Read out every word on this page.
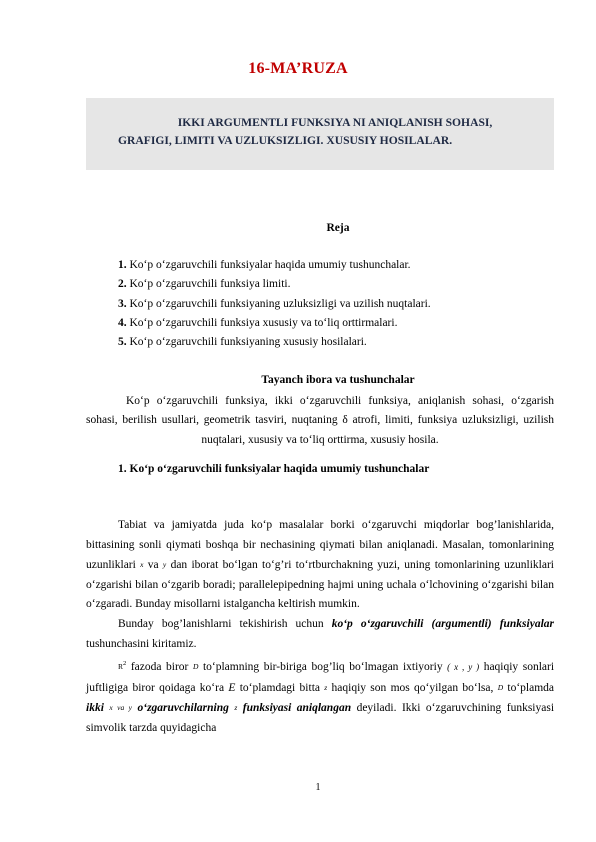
16-MA’RUZA
IKKI ARGUMENTLI FUNKSIYA NI ANIQLANISH SOHASI,
GRAFIGI, LIMITI VA UZLUKSIZLIGI. XUSUSIY HOSILALAR.
Reja
1. Ko‘p o‘zgaruvchili funksiyalar haqida umumiy tushunchalar.
2. Ko‘p o‘zgaruvchili funksiya limiti.
3. Ko‘p o‘zgaruvchili funksiyaning uzluksizligi va uzilish nuqtalari.
4. Ko‘p o‘zgaruvchili funksiya xususiy va to‘liq orttirmalari.
5. Ko‘p o‘zgaruvchili funksiyaning xususiy hosilalari.
Tayanch ibora va tushunchalar
Ko‘p o‘zgaruvchili funksiya, ikki o‘zgaruvchili funksiya, aniqlanish sohasi, o‘zgarish sohasi, berilish usullari, geometrik tasviri, nuqtaning δ atrofi, limiti, funksiya uzluksizligi, uzilish nuqtalari, xususiy va to‘liq orttirma, xususiy hosila.
1. Ko‘p o‘zgaruvchili funksiyalar haqida umumiy tushunchalar

Tabiat va jamiyatda juda ko‘p masalalar borki o‘zgaruvchi miqdorlar bog’lanishlarida, bittasining sonli qiymati boshqa bir nechasining qiymati bilan aniqlanadi. Masalan, tomonlarining uzunliklari x va y dan iborat bo‘lgan to‘g’ri to‘rtburchakning yuzi, uning tomonlarining uzunliklari o‘zgarishi bilan o‘zgarib boradi; parallelepipedning hajmi uning uchala o‘lchovining o‘zgarishi bilan o‘zgaradi. Bunday misollarni istalgancha keltirish mumkin.

Bunday bog’lanishlarni tekishirish uchun ko‘p o‘zgaruvchili (argumentli) funksiyalar tushunchasini kiritamiz.

$R^2$ fazoda biror D to‘plamning bir-biriga bog’liq bo‘lmagan ixtiyoriy ( x , y ) haqiqiy sonlari juftligiga biror qoidaga ko‘ra E to‘plamdagi bitta z haqiqiy son mos qo‘yilgan bo‘lsa, D to‘plamda ikki x va y o‘zgaruvchilarning z funksiyasi aniqlangan deyiladi. Ikki o‘zgaruvchining funksiyasi simvolik tarzda quyidagicha

1
